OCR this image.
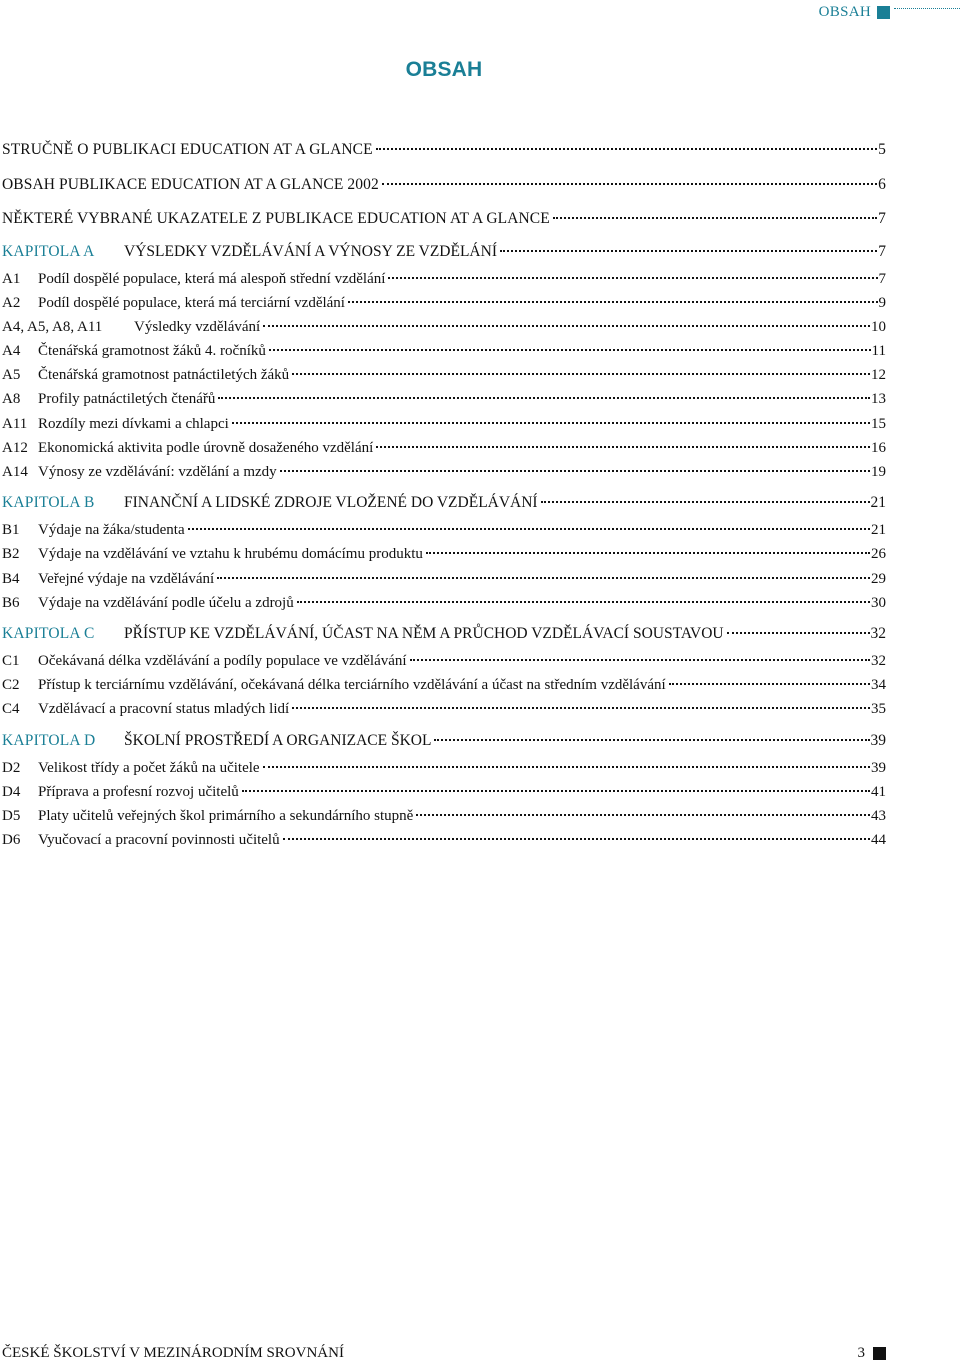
OBSAH
OBSAH
STRUČNĚ O PUBLIKACI EDUCATION AT A GLANCE	5
OBSAH PUBLIKACE EDUCATION AT A GLANCE 2002	6
NĚKTERÉ VYBRANÉ UKAZATELE Z PUBLIKACE EDUCATION AT A GLANCE	7
KAPITOLA A	VÝSLEDKY VZDĚLÁVÁNÍ A VÝNOSY ZE VZDĚLÁNÍ	7
A1	Podíl dospělé populace, která má alespoň střední vzdělání	7
A2	Podíl dospělé populace, která má terciární vzdělání	9
A4, A5, A8, A11	Výsledky vzdělávání	10
A4	Čtenářská gramotnost žáků 4. ročníků	11
A5	Čtenářská gramotnost patnáctiletých žáků	12
A8	Profily patnáctiletých čtenářů	13
A11 Rozdíly mezi dívkami a chlapci	15
A12 Ekonomická aktivita podle úrovně dosaženého vzdělání	16
A14 Výnosy ze vzdělávání: vzdělání a mzdy	19
KAPITOLA B	FINANČNÍ A LIDSKÉ ZDROJE VLOŽENÉ DO VZDĚLÁVÁNÍ	21
B1	Výdaje na žáka/studenta	21
B2	Výdaje na vzdělávání ve vztahu k hrubému domácímu produktu	26
B4	Veřejné výdaje na vzdělávání	29
B6	Výdaje na vzdělávání podle účelu a zdrojů	30
KAPITOLA C	PŘÍSTUP KE VZDĚLÁVÁNÍ, ÚČAST NA NĚM A PRŮCHOD VZDĚLÁVACÍ SOUSTAVOU	32
C1	Očekávaná délka vzdělávání a podíly populace ve vzdělávání	32
C2	Přístup k terciárnímu vzdělávání, očekávaná délka terciárního vzdělávání a účast na středním vzdělávání	34
C4	Vzdělávací a pracovní status mladých lidí	35
KAPITOLA D	ŠKOLNÍ PROSTŘEDÍ A ORGANIZACE ŠKOL	39
D2	Velikost třídy a počet žáků na učitele	39
D4	Příprava a profesní rozvoj učitelů	41
D5	Platy učitelů veřejných škol primárního a sekundárního stupně	43
D6	Vyučovací a pracovní povinnosti učitelů	44
ČESKÉ ŠKOLSTVÍ V MEZINÁRODNÍM SROVNÁNÍ	3
